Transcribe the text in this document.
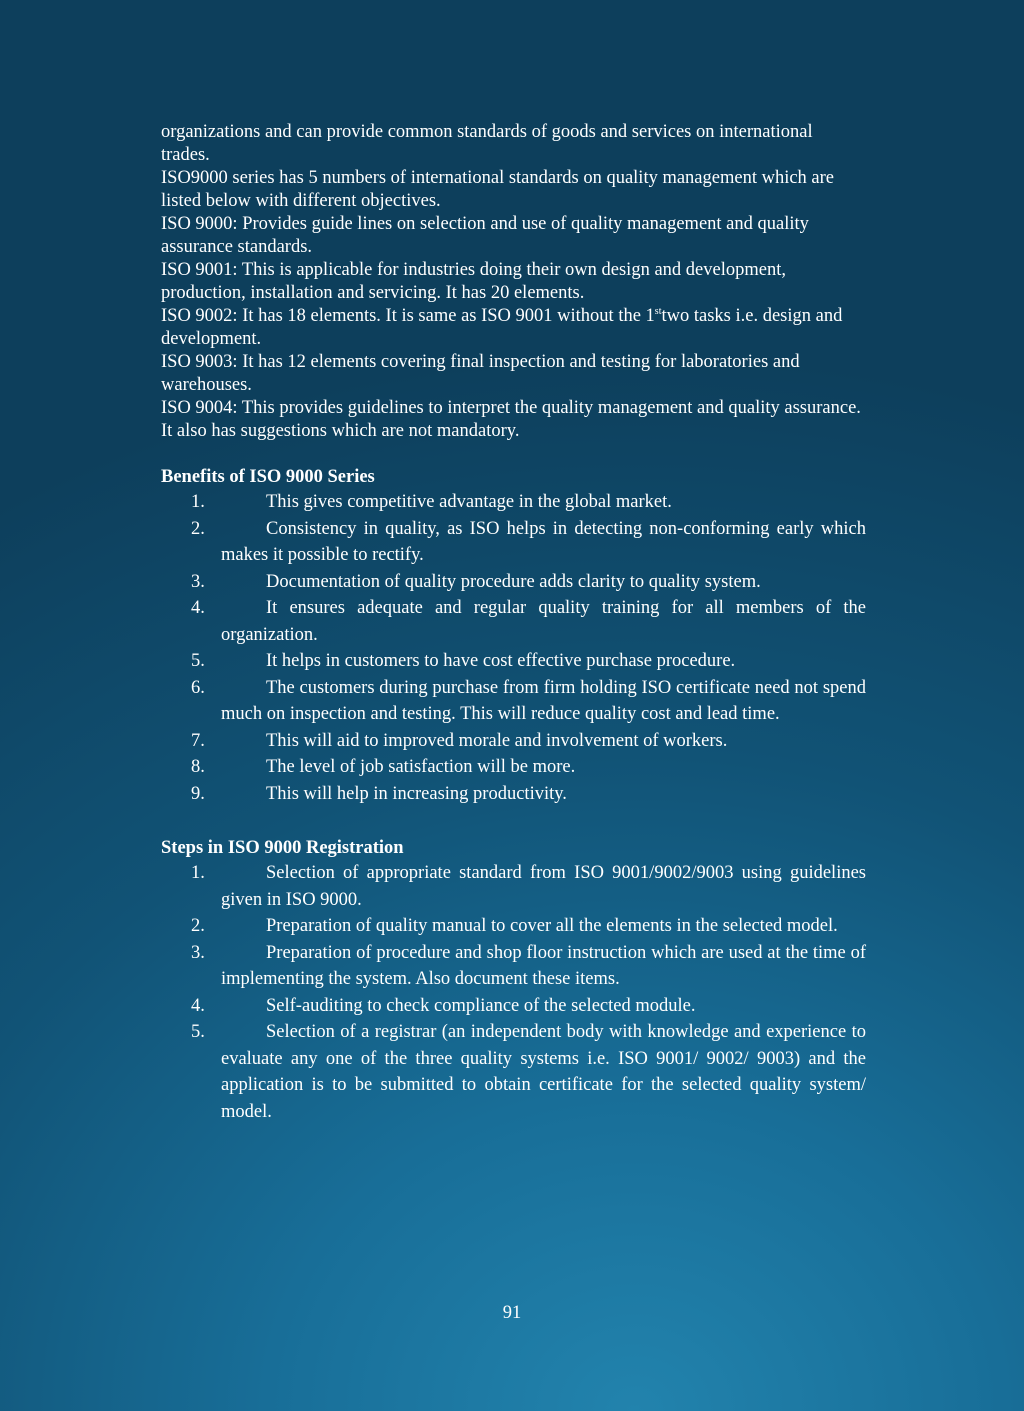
organizations and can provide common standards of goods and services on international trades.

ISO9000 series has 5 numbers of international standards on quality management which are listed below with different objectives.

ISO 9000: Provides guide lines on selection and use of quality management and quality assurance standards.

ISO 9001: This is applicable for industries doing their own design and development, production, installation and servicing. It has 20 elements.

ISO 9002: It has 18 elements. It is same as ISO 9001 without the 1sttwo tasks i.e. design and development.

ISO 9003: It has 12 elements covering final inspection and testing for laboratories and warehouses.

ISO 9004: This provides guidelines to interpret the quality management and quality assurance. It also has suggestions which are not mandatory.

Benefits of ISO 9000 Series
1.	This gives competitive advantage in the global market.
2.	Consistency in quality, as ISO helps in detecting non-conforming early which makes it possible to rectify.
3.	Documentation of quality procedure adds clarity to quality system.
4.	It ensures adequate and regular quality training for all members of the organization.
5.	It helps in customers to have cost effective purchase procedure.
6.	The customers during purchase from firm holding ISO certificate need not spend much on inspection and testing. This will reduce quality cost and lead time.
7.	This will aid to improved morale and involvement of workers.
8.	The level of job satisfaction will be more.
9.	This will help in increasing productivity.
Steps in ISO 9000 Registration
1.	Selection of appropriate standard from ISO 9001/9002/9003 using guidelines given in ISO 9000.
2.	Preparation of quality manual to cover all the elements in the selected model.
3.	Preparation of procedure and shop floor instruction which are used at the time of implementing the system. Also document these items.
4.	Self-auditing to check compliance of the selected module.
5.	Selection of a registrar (an independent body with knowledge and experience to evaluate any one of the three quality systems i.e. ISO 9001/ 9002/ 9003) and the application is to be submitted to obtain certificate for the selected quality system/ model.
91
